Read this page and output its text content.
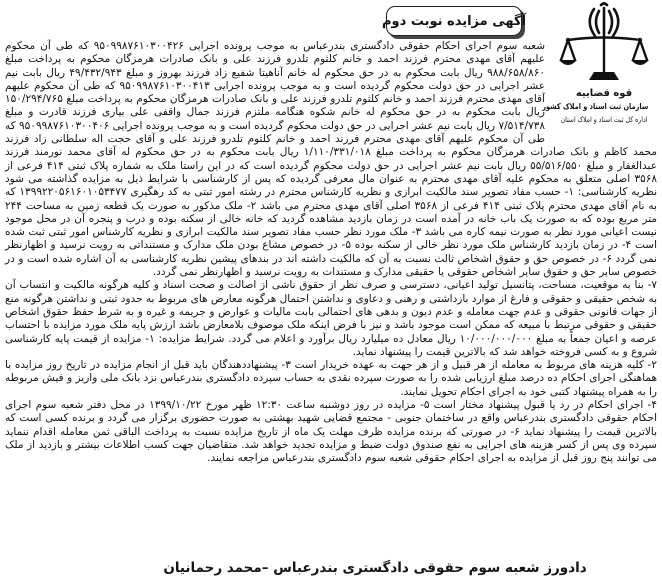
قوه قضاییه
سازمان ثبت اسناد و املاک کشور
اداره کل ثبت اسناد و املاک استان
آگهی مزایده نوبت دوم

شعبه سوم اجرای احکام حقوقی دادگستری بندرعباس به موجب پرونده اجرایی ۹۵۰۹۹۸۷۶۱۰۳۰۰۴۲۶ که طی آن محکوم علیهم آقای مهدی محترم فرزند احمد و خانم کلثوم تلدرو فرزند علی و بانک صادرات هرمزگان محکوم به پرداخت مبلغ ۹۸۸/۶۵۸/۸۶۰ ریال بابت محکوم به در حق محکوم له خانم آناهیتا شفیع زاد فرزند بهروز و مبلغ ۴۹/۴۳۲/۹۴۳ ریال بابت نیم عشر اجرایی در حق دولت محکوم گردیده است و به موجب پرونده اجرایی ۹۵۰۹۹۸۷۶۱۰۳۰۰۴۱۳ که طی آن محکوم علیهم آقای مهدی محترم فرزند احمد و خانم کلثوم تلدرو فرزند علی و بانک صادرات هرمزگان محکوم به پرداخت مبلغ ۱۵۰/۲۹۴/۷۶۵ ریال بابت محکوم به در حق محکوم له خانم شکوه هنگامه ملتزم فرزند جمال واقفی علی بیاری فرزند قادرت و مبلغ ۷/۵۱۴/۷۳۸ ریال بابت نیم عشر اجرایی در حق دولت محکوم گردیده است و به موجب پرونده اجرایی ۹۵۰۹۹۸۷۶۱۰۳۰۰۴۰۶ که طی آن محکوم علیهم آقای مهدی محترم فرزند احمد و خانم کلثوم تلدرو فرزند علی و آقای حجت اله سلطانی زاد فرزند محمد کاظم و بانک صادرات هرمزگان محکوم به پرداخت مبلغ ۱/۱۱۰/۳۳۱/۰۱۸ ریال بابت محکوم به در حق محکوم له آقای محمد نورمند فرزند عبدالغفار و مبلغ ۵۵/۵۱۶/۵۵۰ ریال بابت نیم عشر اجرایی در حق دولت محکوم گردیده است که در این راستا ملک به شماره پلاک ثبتی ۴۱۴ فرعی از ۳۵۶۸ اصلی متعلق به محکوم علیه آقای مهدی محترم به عنوان مال معرفی گردیده که پس از کارشناسی با شرایط ذیل به مزایده گذاشته می شود نظریه کارشناسی: ۱- حسب مفاد تصویر سند مالکیت ابرازی و نظریه کارشناس محترم در رشته امور ثبتی به کد رهگیری ۱۳۹۹۲۲۰۵۶۱۶۰۱۰۵۳۴۷۷ که به نام آقای مهدی محترم پلاک ثبتی ۴۱۴ فرعی از ۳۵۶۸ اصلی آقای مهدی محترم می باشد ۲- ملک مذکور به صورت یک قطعه زمین به مساحت ۲۴۴ متر مربع بوده که به صورت یک باب خانه در آمده است در زمان بازدید مشاهده گردید که خانه خالی از سکنه بوده و درب و پنجره آن در محل موجود نیست اعیانی مورد نظر به صورت نیمه کاره می باشد ۳- ملک مورد نظر حسب مفاد تصویر سند مالکیت ابرازی و نظریه کارشناس امور ثبتی ثبت شده است ۴- در زمان بازدید کارشناس ملک مورد نظر خالی از سکنه بوده ۵- در خصوص مشاع بودن ملک مدارک و مستنداتی به رویت نرسید و اظهارنظر نمی گردد ۶- در خصوص حق و حقوق اشخاص ثالث نسبت به آن که مالکیت داشته اند در بندهای پیشین نظریه کارشناسی به آن اشاره شده است و در خصوص سایر حق و حقوق سایر اشخاص حقوقی یا حقیقی مدارک و مستندات به رویت نرسید و اظهارنظر نمی گردد.

۷- بنا به موقعیت، مساحت، پتانسیل تولید اعیانی، دسترسی و صرف نظر از حقوق ناشی از اصالت و صحت اسناد و کلیه هرگونه مالکیت و انتساب آن به شخص حقیقی و حقوقی و فارغ از موارد بازداشتی و رهنی و دعاوی و نداشتن احتمال هرگونه معارض های مربوط به حدود ثبتی و نداشتن هرگونه منع از جهات قانونی حقوقی و عدم جهت معامله و عدم دیون و بدهی های احتمالی بابت مالیات و عوارض و جریمه و غیره و به شرط حفظ حقوق اشخاص حقیقی و حقوقی مرتبط با مبیعه که ممکن است موجود باشد و نیز با فرض اینکه ملک موصوف بلامعارض باشد ارزش پایه ملک مورد مزایده با احتساب عرصه و اعیان جمعاً به مبلغ ۱۰/۰۰۰/۰۰۰/۰۰۰ ریال معادل ده میلیارد ریال برآورد و اعلام می گردد. شرایط مزایده: ۱- مزایده از قیمت پایه کارشناسی شروع و به کسی فروخته خواهد شد که بالاترین قیمت را پیشنهاد نماید.

۲- کلیه هزینه های مربوط به معامله از هر قبیل و از هر جهت به عهده خریدار است ۳- پیشنهاددهندگان باید قبل از انجام مزایده در تاریخ روز مزایده با هماهنگی اجرای احکام ده درصد مبلغ ارزیابی شده را به صورت سپرده نقدی به حساب سپرده دادگستری بندرعباس نزد بانک ملی واریز و فیش مربوطه را به همراه پیشنهاد کتبی خود به اجرای احکام تحویل نمایند.

۴- اجرای احکام در رد یا قبول پیشنهاد مختار است ۵- مزایده در روز دوشنبه ساعت ۱۲:۳۰ ظهر مورخ ۱۳۹۹/۱۰/۲۲ در محل دفتر شعبه سوم اجرای احکام حقوقی دادگستری بندرعباس واقع در ساختمان جنوبی - مجتمع قضایی شهید بهشتی به صورت حضوری برگزار می گردد و برنده کسی است که بالاترین قیمت را پیشنهاد نماید ۶- در صورتی که برنده مزایده ظرف مهلت یک ماه از تاریخ مزایده نسبت به پرداخت الباقی ثمن معامله اقدام ننماید سپرده وی پس از کسر هزینه های اجرایی به نفع صندوق دولت ضبط و مزایده تجدید خواهد شد. متقاضیان جهت کسب اطلاعات بیشتر و بازدید از ملک می توانند پنج روز قبل از مزایده به اجرای احکام حقوقی شعبه سوم دادگستری بندرعباس مراجعه نمایند.

دادورز شعبه سوم حقوقی دادگستری بندرعباس –محمد رحمانیان
